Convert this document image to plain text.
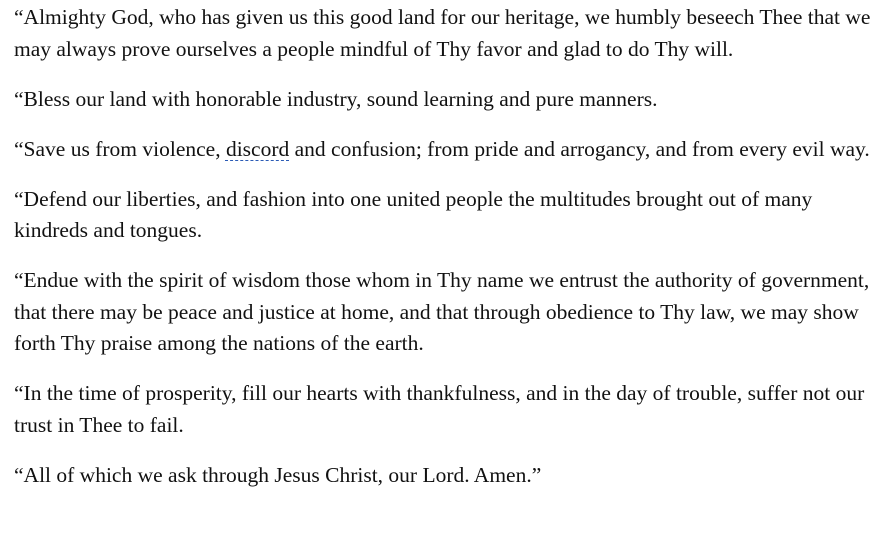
“Almighty God, who has given us this good land for our heritage, we humbly beseech Thee that we may always prove ourselves a people mindful of Thy favor and glad to do Thy will.

“Bless our land with honorable industry, sound learning and pure manners.

“Save us from violence, discord and confusion; from pride and arrogancy, and from every evil way.

“Defend our liberties, and fashion into one united people the multitudes brought out of many kindreds and tongues.

“Endue with the spirit of wisdom those whom in Thy name we entrust the authority of government, that there may be peace and justice at home, and that through obedience to Thy law, we may show forth Thy praise among the nations of the earth.

“In the time of prosperity, fill our hearts with thankfulness, and in the day of trouble, suffer not our trust in Thee to fail.

“All of which we ask through Jesus Christ, our Lord. Amen.”
